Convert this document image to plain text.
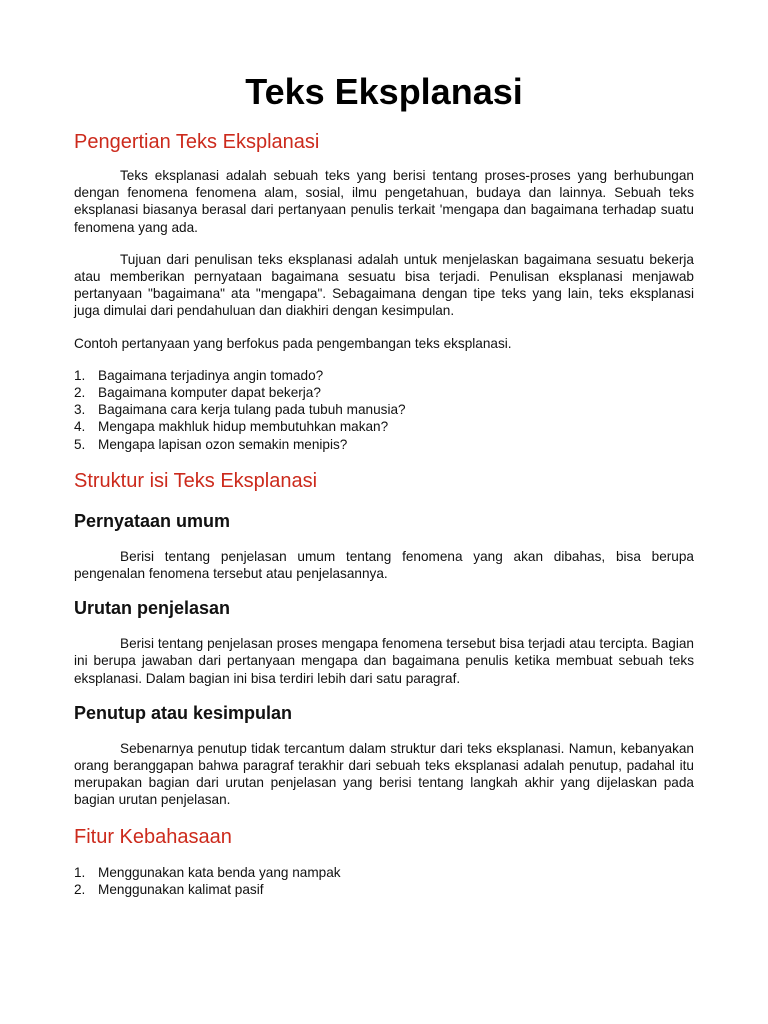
Teks Eksplanasi
Pengertian Teks Eksplanasi

Teks eksplanasi adalah sebuah teks yang berisi tentang proses-proses yang berhubungan dengan fenomena fenomena alam, sosial, ilmu pengetahuan, budaya dan lainnya. Sebuah teks eksplanasi biasanya berasal dari pertanyaan penulis terkait 'mengapa dan bagaimana terhadap suatu fenomena yang ada.

Tujuan dari penulisan teks eksplanasi adalah untuk menjelaskan bagaimana sesuatu bekerja atau memberikan pernyataan bagaimana sesuatu bisa terjadi. Penulisan eksplanasi menjawab pertanyaan "bagaimana" ata "mengapa". Sebagaimana dengan tipe teks yang lain, teks eksplanasi juga dimulai dari pendahuluan dan diakhiri dengan kesimpulan.

Contoh pertanyaan yang berfokus pada pengembangan teks eksplanasi.

1. Bagaimana terjadinya angin tomado?
2. Bagaimana komputer dapat bekerja?
3. Bagaimana cara kerja tulang pada tubuh manusia?
4. Mengapa makhluk hidup membutuhkan makan?
5. Mengapa lapisan ozon semakin menipis?
Struktur isi Teks Eksplanasi
Pernyataan umum

Berisi tentang penjelasan umum tentang fenomena yang akan dibahas, bisa berupa pengenalan fenomena tersebut atau penjelasannya.

Urutan penjelasan

Berisi tentang penjelasan proses mengapa fenomena tersebut bisa terjadi atau tercipta. Bagian ini berupa jawaban dari pertanyaan mengapa dan bagaimana penulis ketika membuat sebuah teks eksplanasi. Dalam bagian ini bisa terdiri lebih dari satu paragraf.

Penutup atau kesimpulan

Sebenarnya penutup tidak tercantum dalam struktur dari teks eksplanasi. Namun, kebanyakan orang beranggapan bahwa paragraf terakhir dari sebuah teks eksplanasi adalah penutup, padahal itu merupakan bagian dari urutan penjelasan yang berisi tentang langkah akhir yang dijelaskan pada bagian urutan penjelasan.

Fitur Kebahasaan
1. Menggunakan kata benda yang nampak
2. Menggunakan kalimat pasif
